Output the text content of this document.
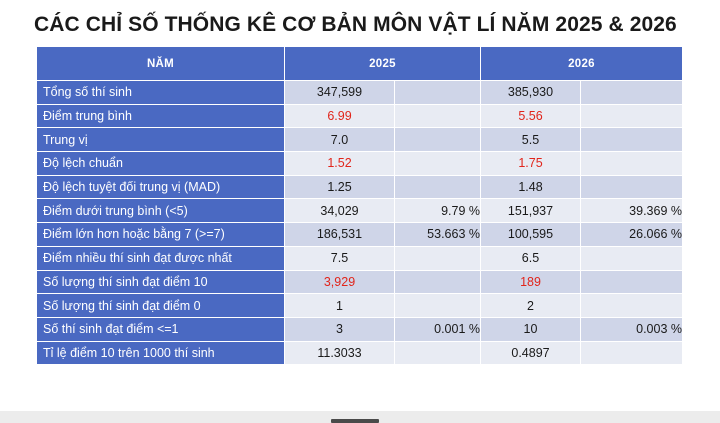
CÁC CHỈ SỐ THỐNG KÊ CƠ BẢN MÔN VẬT LÍ NĂM 2025 & 2026
NĂM	2025		2026	
Tổng số thí sinh	347,599		385,930	
Điểm trung bình	6.99		5.56	
Trung vị	7.0		5.5	
Độ lệch chuẩn	1.52		1.75	
Độ lệch tuyệt đối trung vị (MAD)	1.25		1.48	
Điểm dưới trung bình (<5)	34,029	9.79 %	151,937	39.369 %
Điểm lớn hơn hoặc bằng 7 (>=7)	186,531	53.663 %	100,595	26.066 %
Điểm nhiều thí sinh đạt được nhất	7.5		6.5	
Số lượng thí sinh đạt điểm 10	3,929		189	
Số lượng thí sinh đạt điểm 0	1		2	
Số thí sinh đạt điểm <=1	3	0.001 %	10	0.003 %
Tỉ lệ điểm 10 trên 1000 thí sinh	11.3033		0.4897	
